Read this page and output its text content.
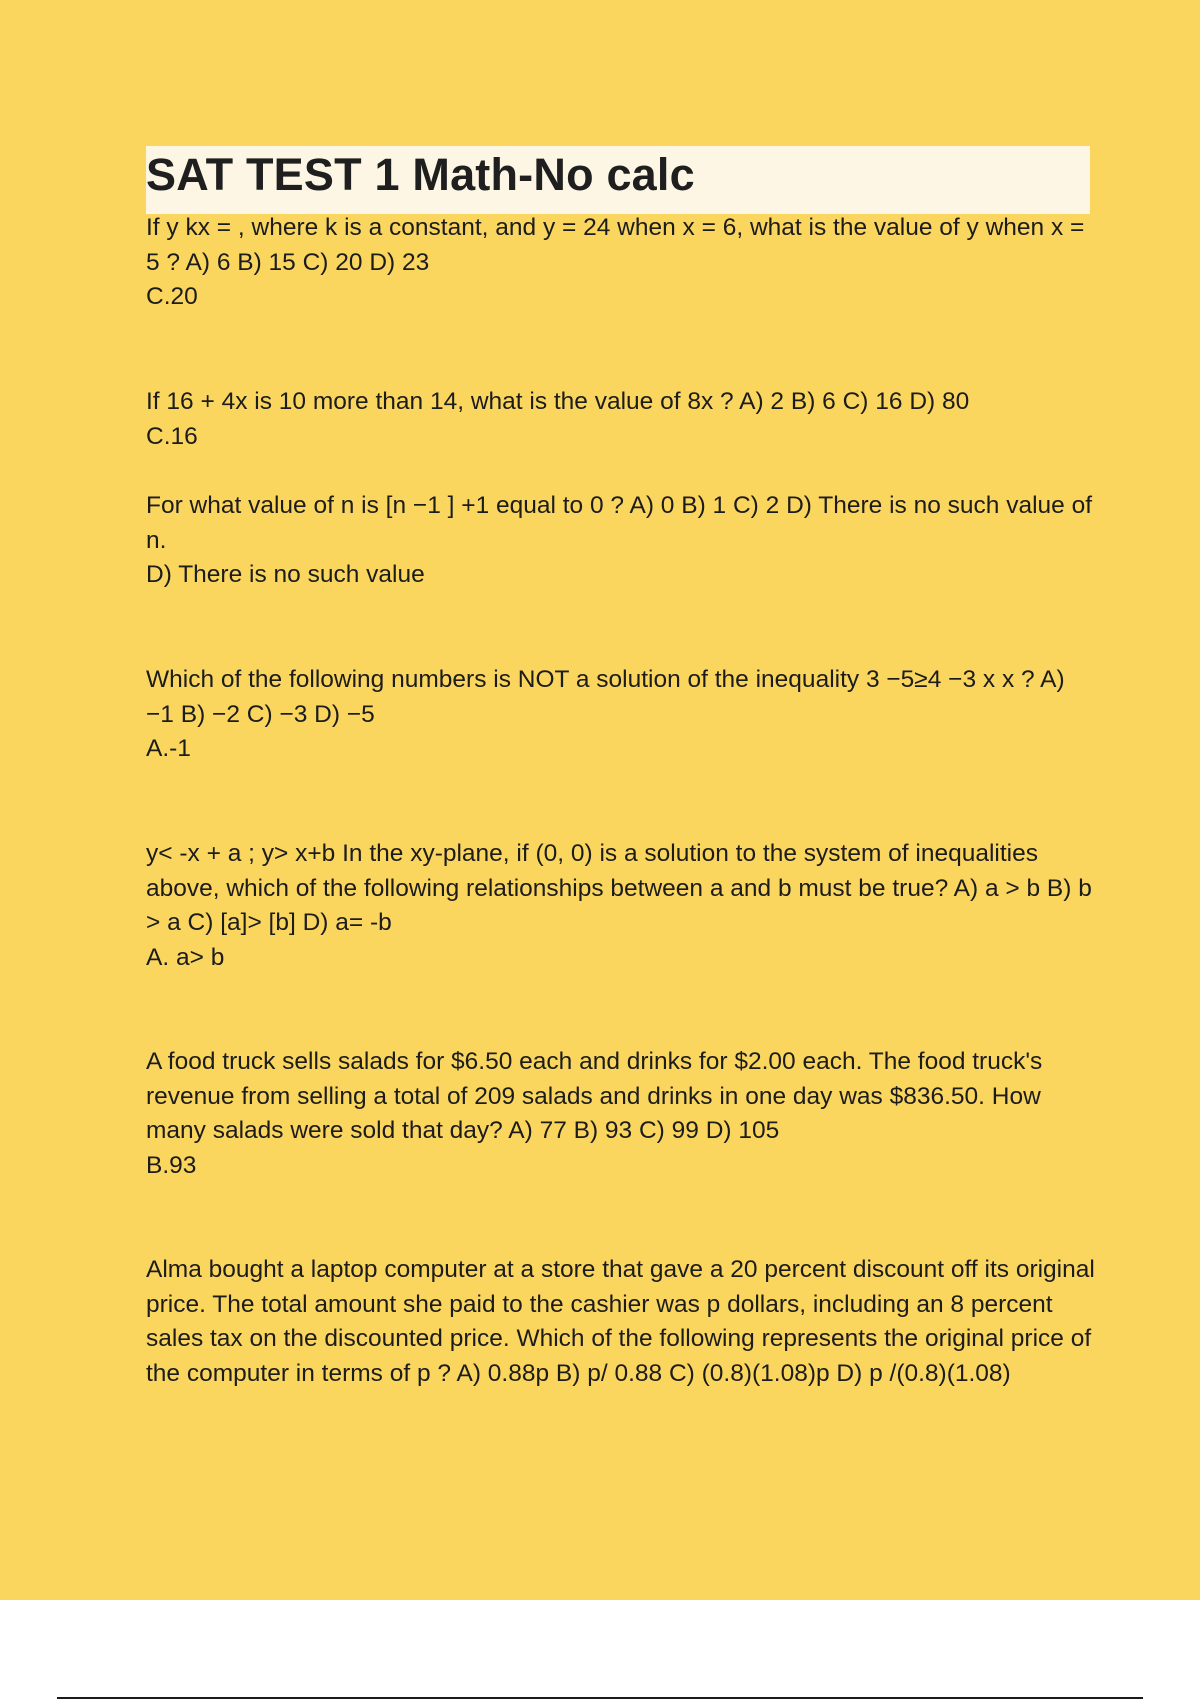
SAT TEST 1 Math-No calc

If y kx = , where k is a constant, and y = 24 when x = 6, what is the value of y when x = 5 ? A) 6 B) 15 C) 20 D) 23

C.20

If 16 + 4x is 10 more than 14, what is the value of 8x ? A) 2 B) 6 C) 16 D) 80

C.16

For what value of n is [n −1 ] +1 equal to 0 ? A) 0 B) 1 C) 2 D) There is no such value of n.

D) There is no such value

Which of the following numbers is NOT a solution of the inequality 3 −5≥4 −3 x x ? A) −1 B) −2 C) −3 D) −5

A.-1

y< -x + a ; y> x+b In the xy-plane, if (0, 0) is a solution to the system of inequalities above, which of the following relationships between a and b must be true? A) a > b B) b > a C) [a]> [b] D) a= -b

A. a> b

A food truck sells salads for $6.50 each and drinks for $2.00 each. The food truck's revenue from selling a total of 209 salads and drinks in one day was $836.50. How many salads were sold that day? A) 77 B) 93 C) 99 D) 105

B.93

Alma bought a laptop computer at a store that gave a 20 percent discount off its original price. The total amount she paid to the cashier was p dollars, including an 8 percent sales tax on the discounted price. Which of the following represents the original price of the computer in terms of p ? A) 0.88p B) p/ 0.88 C) (0.8)(1.08)p D) p /(0.8)(1.08)
